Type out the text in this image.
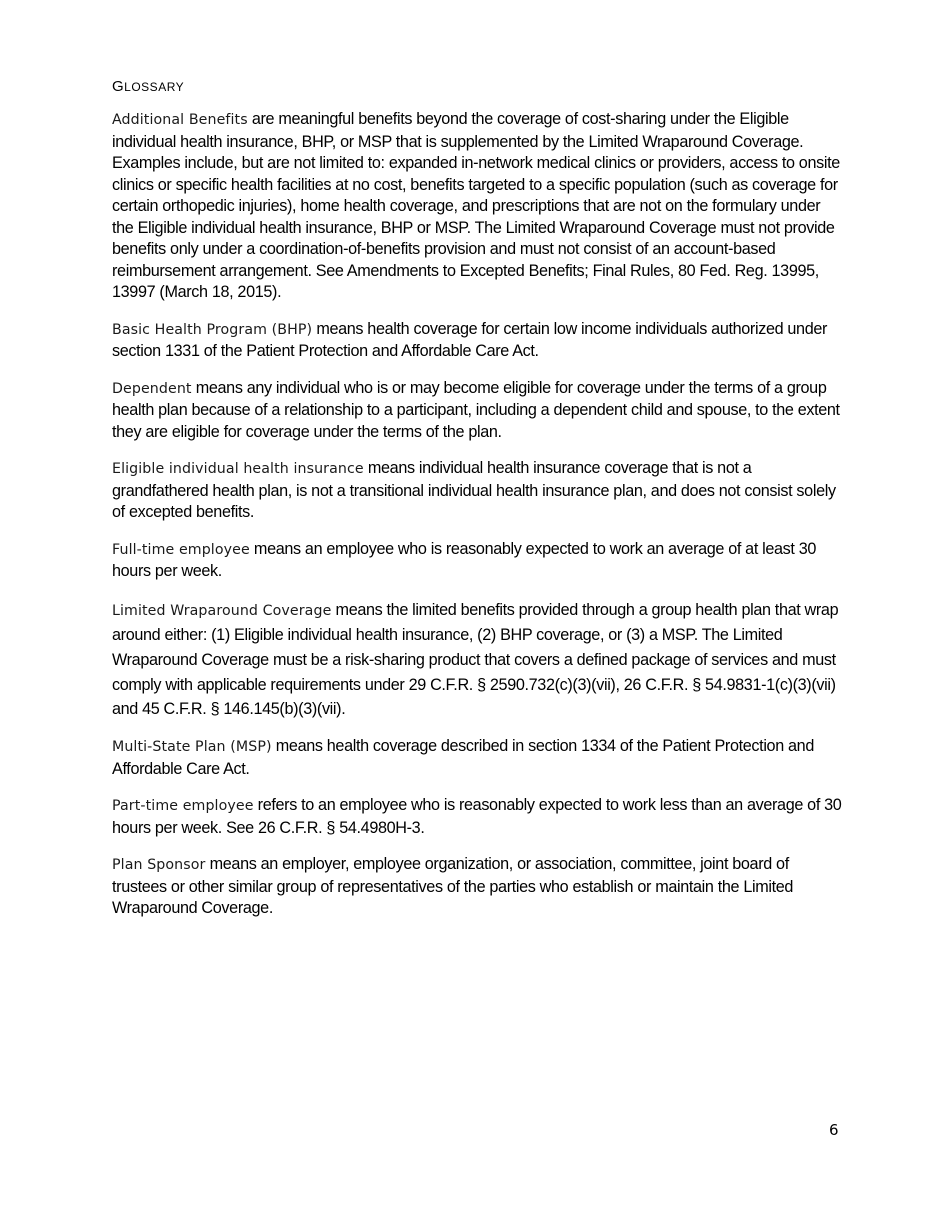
GLOSSARY

Additional Benefits are meaningful benefits beyond the coverage of cost-sharing under the Eligible individual health insurance, BHP, or MSP that is supplemented by the Limited Wraparound Coverage. Examples include, but are not limited to: expanded in-network medical clinics or providers, access to onsite clinics or specific health facilities at no cost, benefits targeted to a specific population (such as coverage for certain orthopedic injuries), home health coverage, and prescriptions that are not on the formulary under the Eligible individual health insurance, BHP or MSP. The Limited Wraparound Coverage must not provide benefits only under a coordination-of-benefits provision and must not consist of an account-based reimbursement arrangement. See Amendments to Excepted Benefits; Final Rules, 80 Fed. Reg. 13995, 13997 (March 18, 2015).

Basic Health Program (BHP) means health coverage for certain low income individuals authorized under section 1331 of the Patient Protection and Affordable Care Act.

Dependent means any individual who is or may become eligible for coverage under the terms of a group health plan because of a relationship to a participant, including a dependent child and spouse, to the extent they are eligible for coverage under the terms of the plan.

Eligible individual health insurance means individual health insurance coverage that is not a grandfathered health plan, is not a transitional individual health insurance plan, and does not consist solely of excepted benefits.

Full-time employee means an employee who is reasonably expected to work an average of at least 30 hours per week.

Limited Wraparound Coverage means the limited benefits provided through a group health plan that wrap around either: (1) Eligible individual health insurance, (2) BHP coverage, or (3) a MSP. The Limited Wraparound Coverage must be a risk-sharing product that covers a defined package of services and must comply with applicable requirements under 29 C.F.R. § 2590.732(c)(3)(vii), 26 C.F.R. § 54.9831-1(c)(3)(vii) and 45 C.F.R. § 146.145(b)(3)(vii).

Multi-State Plan (MSP) means health coverage described in section 1334 of the Patient Protection and Affordable Care Act.

Part-time employee refers to an employee who is reasonably expected to work less than an average of 30 hours per week. See 26 C.F.R. § 54.4980H-3.

Plan Sponsor means an employer, employee organization, or association, committee, joint board of trustees or other similar group of representatives of the parties who establish or maintain the Limited Wraparound Coverage.

6
